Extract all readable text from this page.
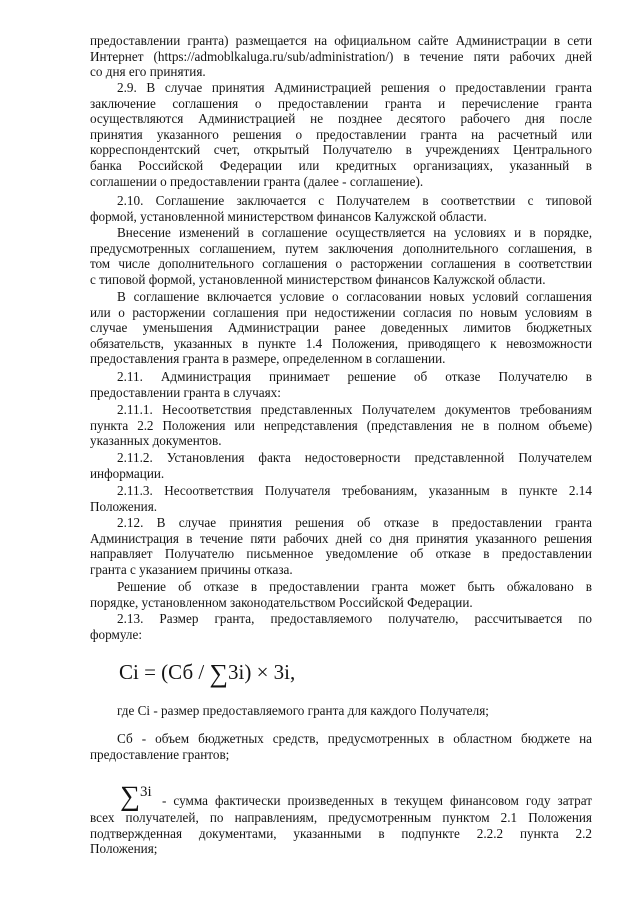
предоставлении гранта) размещается на официальном сайте Администрации в сети
Интернет (https://admoblkaluga.ru/sub/administration/) в течение пяти рабочих дней
со дня его принятия.
2.9. В случае принятия Администрацией решения о предоставлении гранта
заключение соглашения о предоставлении гранта и перечисление гранта
осуществляются Администрацией не позднее десятого рабочего дня после
принятия указанного решения о предоставлении гранта на расчетный или
корреспондентский счет, открытый Получателю в учреждениях Центрального
банка Российской Федерации или кредитных организациях, указанный в
соглашении о предоставлении гранта (далее - соглашение).
2.10. Соглашение заключается с Получателем в соответствии с типовой
формой, установленной министерством финансов Калужской области.
Внесение изменений в соглашение осуществляется на условиях и в порядке,
предусмотренных соглашением, путем заключения дополнительного соглашения, в
том числе дополнительного соглашения о расторжении соглашения в соответствии
с типовой формой, установленной министерством финансов Калужской области.
В соглашение включается условие о согласовании новых условий соглашения
или о расторжении соглашения при недостижении согласия по новым условиям в
случае уменьшения Администрации ранее доведенных лимитов бюджетных
обязательств, указанных в пункте 1.4 Положения, приводящего к невозможности
предоставления гранта в размере, определенном в соглашении.
2.11. Администрация принимает решение об отказе Получателю в
предоставлении гранта в случаях:
2.11.1. Несоответствия представленных Получателем документов требованиям
пункта 2.2 Положения или непредставления (представления не в полном объеме)
указанных документов.
2.11.2. Установления факта недостоверности представленной Получателем
информации.
2.11.3. Несоответствия Получателя требованиям, указанным в пункте 2.14
Положения.
2.12. В случае принятия решения об отказе в предоставлении гранта
Администрация в течение пяти рабочих дней со дня принятия указанного решения
направляет Получателю письменное уведомление об отказе в предоставлении
гранта с указанием причины отказа.
Решение об отказе в предоставлении гранта может быть обжаловано в
порядке, установленном законодательством Российской Федерации.
2.13. Размер гранта, предоставляемого получателю, рассчитывается по
формуле:
Ci = (Сб / ∑3i) × 3i,
где Ci - размер предоставляемого гранта для каждого Получателя;
Сб - объем бюджетных средств, предусмотренных в областном бюджете на
предоставление грантов;
∑3i
- сумма фактически произведенных в текущем финансовом году затрат
всех получателей, по направлениям, предусмотренным пунктом 2.1 Положения
подтвержденная документами, указанными в подпункте 2.2.2 пункта 2.2
Положения;
